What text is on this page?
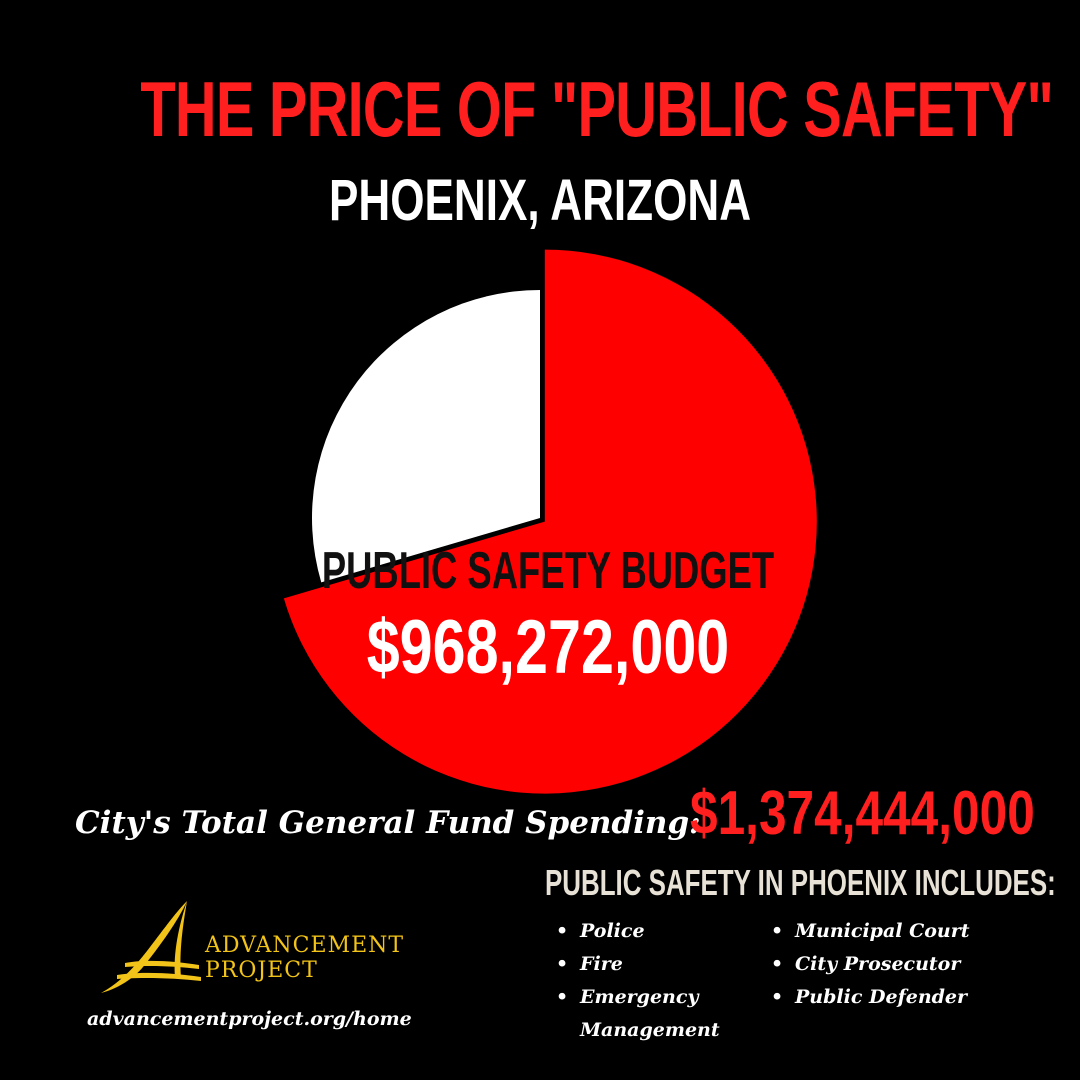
THE PRICE OF "PUBLIC SAFETY"
PHOENIX, ARIZONA
PUBLIC SAFETY BUDGET
$968,272,000
City's Total General Fund Spending:
$1,374,444,000
PUBLIC SAFETY IN PHOENIX INCLUDES:
• Police
• Fire
• Emergency Management
• Municipal Court
• City Prosecutor
• Public Defender
ADVANCEMENT
PROJECT
advancementproject.org/home
